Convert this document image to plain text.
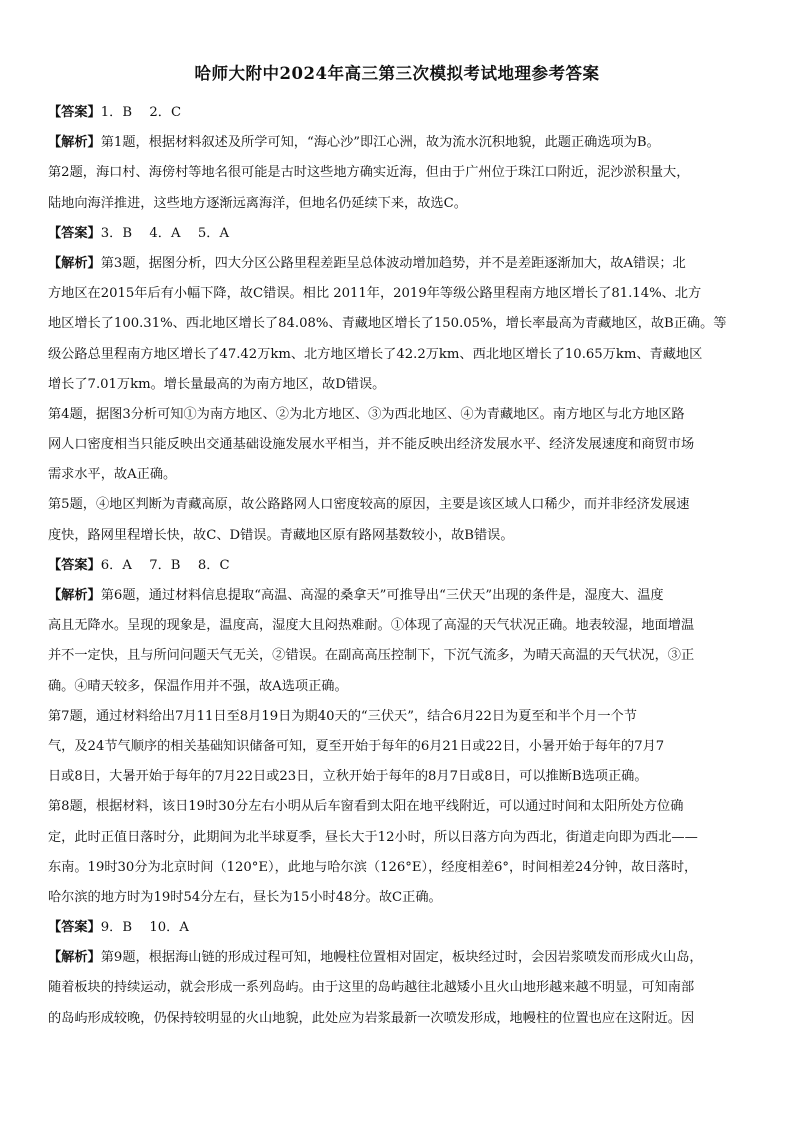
哈师大附中2024年高三第三次模拟考试地理参考答案
【答案】1．B　 2．C
【解析】第1题，根据材料叙述及所学可知，“海心沙”即江心洲，故为流水沉积地貌，此题正确选项为B。
第2题，海口村、海傍村等地名很可能是古时这些地方确实近海，但由于广州位于珠江口附近，泥沙淤积量大，
陆地向海洋推进，这些地方逐渐远离海洋，但地名仍延续下来，故选C。
【答案】3．B　 4．A　 5．A
【解析】第3题，据图分析，四大分区公路里程差距呈总体波动增加趋势，并不是差距逐渐加大，故A错误；北
方地区在2015年后有小幅下降，故C错误。相比 2011年，2019年等级公路里程南方地区增长了81.14%、北方
地区增长了100.31%、西北地区增长了84.08%、青藏地区增长了150.05%，增长率最高为青藏地区，故B正确。等
级公路总里程南方地区增长了47.42万km、北方地区增长了42.2万km、西北地区增长了10.65万km、青藏地区
增长了7.01万km。增长量最高的为南方地区，故D错误。
第4题，据图3分析可知①为南方地区、②为北方地区、③为西北地区、④为青藏地区。南方地区与北方地区路
网人口密度相当只能反映出交通基础设施发展水平相当，并不能反映出经济发展水平、经济发展速度和商贸市场
需求水平，故A正确。
第5题，④地区判断为青藏高原，故公路路网人口密度较高的原因，主要是该区域人口稀少，而并非经济发展速
度快，路网里程增长快，故C、D错误。青藏地区原有路网基数较小，故B错误。
【答案】6．A　 7．B　 8．C
【解析】第6题，通过材料信息提取“高温、高湿的桑拿天”可推导出“三伏天”出现的条件是，湿度大、温度
高且无降水。呈现的现象是，温度高，湿度大且闷热难耐。①体现了高湿的天气状况正确。地表较湿，地面增温
并不一定快，且与所问问题天气无关，②错误。在副高高压控制下，下沉气流多，为晴天高温的天气状况，③正
确。④晴天较多，保温作用并不强，故A选项正确。
第7题，通过材料给出7月11日至8月19日为期40天的“三伏天”，结合6月22日为夏至和半个月一个节
气，及24节气顺序的相关基础知识储备可知，夏至开始于每年的6月21日或22日，小暑开始于每年的7月7
日或8日，大暑开始于每年的7月22日或23日，立秋开始于每年的8月7日或8日，可以推断B选项正确。
第8题，根据材料，该日19时30分左右小明从后车窗看到太阳在地平线附近，可以通过时间和太阳所处方位确
定，此时正值日落时分，此期间为北半球夏季，昼长大于12小时，所以日落方向为西北，街道走向即为西北——
东南。19时30分为北京时间（120°E），此地与哈尔滨（126°E），经度相差6°，时间相差24分钟，故日落时，
哈尔滨的地方时为19时54分左右，昼长为15小时48分。故C正确。
【答案】9．B　 10．A
【解析】第9题，根据海山链的形成过程可知，地幔柱位置相对固定，板块经过时，会因岩浆喷发而形成火山岛，
随着板块的持续运动，就会形成一系列岛屿。由于这里的岛屿越往北越矮小且火山地形越来越不明显，可知南部
的岛屿形成较晚，仍保持较明显的火山地貌，此处应为岩浆最新一次喷发形成，地幔柱的位置也应在这附近。因
